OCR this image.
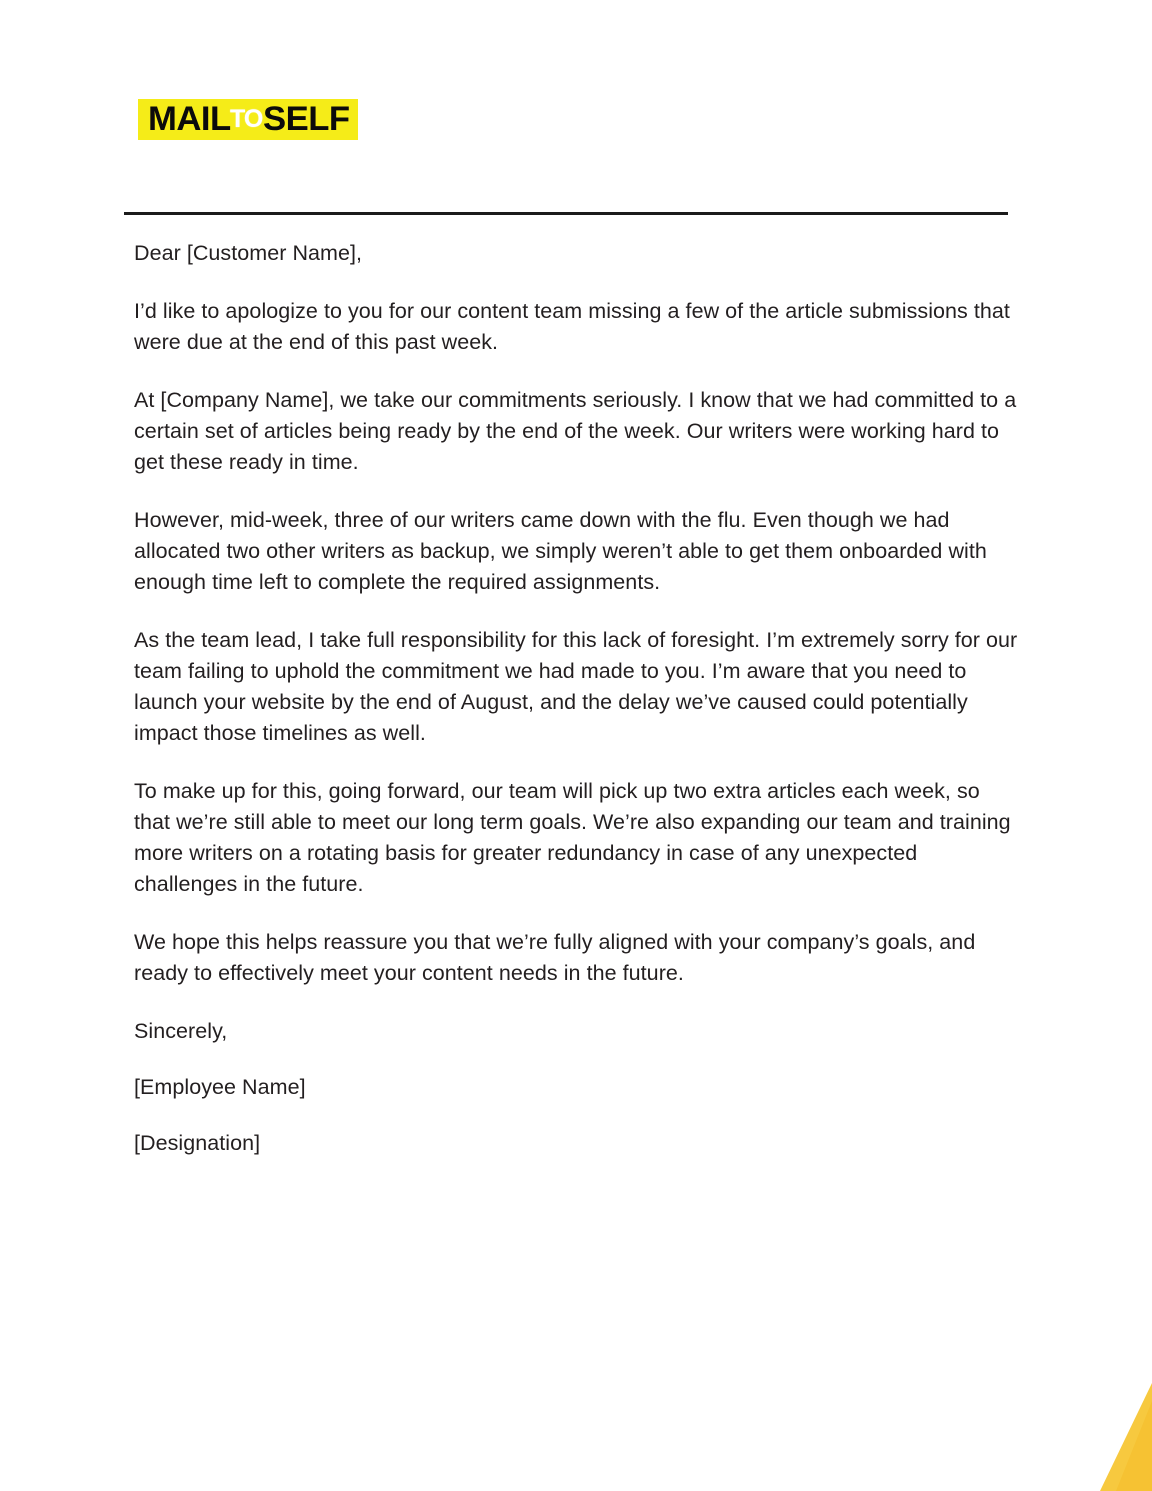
MAIL SELF
TO

Dear [Customer Name],

I’d like to apologize to you for our content team missing a few of the article submissions that were due at the end of this past week.

At [Company Name], we take our commitments seriously. I know that we had committed to a certain set of articles being ready by the end of the week. Our writers were working hard to get these ready in time.

However, mid-week, three of our writers came down with the flu. Even though we had allocated two other writers as backup, we simply weren’t able to get them onboarded with enough time left to complete the required assignments.

As the team lead, I take full responsibility for this lack of foresight. I’m extremely sorry for our team failing to uphold the commitment we had made to you. I’m aware that you need to launch your website by the end of August, and the delay we’ve caused could potentially impact those timelines as well.

To make up for this, going forward, our team will pick up two extra articles each week, so that we’re still able to meet our long term goals. We’re also expanding our team and training more writers on a rotating basis for greater redundancy in case of any unexpected challenges in the future.

We hope this helps reassure you that we’re fully aligned with your company’s goals, and ready to effectively meet your content needs in the future.

Sincerely,

[Employee Name]

[Designation]
